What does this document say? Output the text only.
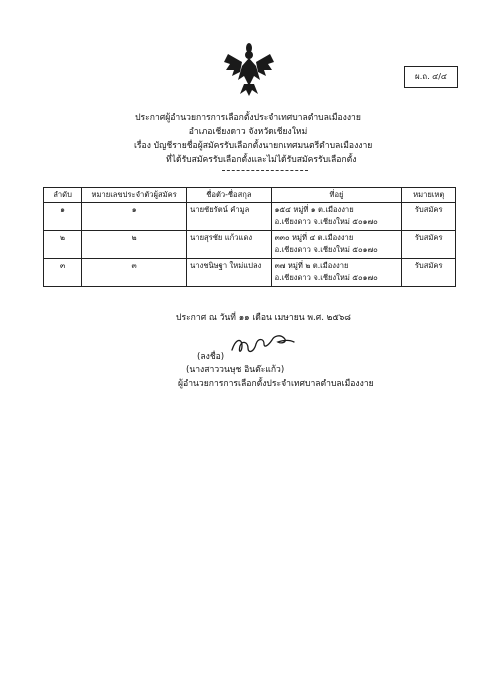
ผ.ถ. ๔/๔
ประกาศผู้อำนวยการการเลือกตั้งประจำเทศบาลตำบลเมืองงาย
อำเภอเชียงดาว จังหวัดเชียงใหม่
เรื่อง บัญชีรายชื่อผู้สมัครรับเลือกตั้งนายกเทศมนตรีตำบลเมืองงาย
ที่ได้รับสมัครรับเลือกตั้งและไม่ได้รับสมัครรับเลือกตั้ง
ลำดับ	หมายเลขประจำตัวผู้สมัคร	ชื่อตัว-ชื่อสกุล	ที่อยู่	หมายเหตุ
๑	๑	นายชัยรัตน์ คำมูล	๑๕๔ หมู่ที่ ๑ ต.เมืองงาย
อ.เชียงดาว จ.เชียงใหม่ ๕๐๑๗๐	รับสมัคร
๒	๒	นายสุรชัย แก้วแดง	๓๓๐ หมู่ที่ ๔ ต.เมืองงาย
อ.เชียงดาว จ.เชียงใหม่ ๕๐๑๗๐	รับสมัคร
๓	๓	นางชนิษฐา ใหม่แปลง	๓๗ หมู่ที่ ๒ ต.เมืองงาย
อ.เชียงดาว จ.เชียงใหม่ ๕๐๑๗๐	รับสมัคร
ประกาศ ณ วันที่ ๑๑ เดือน เมษายน พ.ศ. ๒๕๖๘
(ลงชื่อ)
(นางสาววนษุช อินต๊ะแก้ว)
ผู้อำนวยการการเลือกตั้งประจำเทศบาลตำบลเมืองงาย
